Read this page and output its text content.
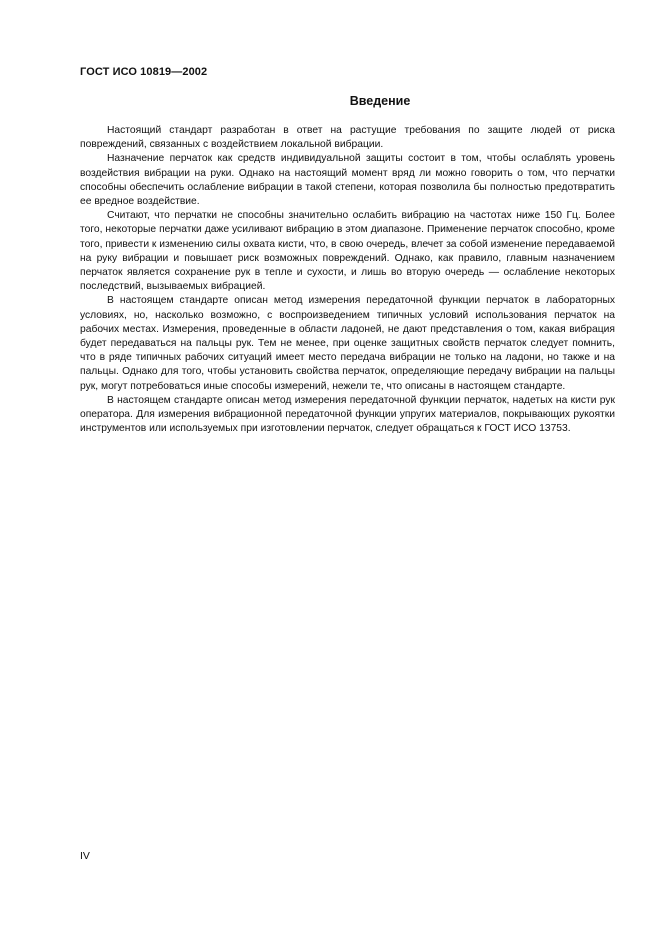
ГОСТ ИСО 10819—2002
Введение

Настоящий стандарт разработан в ответ на растущие требования по защите людей от риска повреждений, связанных с воздействием локальной вибрации.

Назначение перчаток как средств индивидуальной защиты состоит в том, чтобы ослаблять уровень воздействия вибрации на руки. Однако на настоящий момент вряд ли можно говорить о том, что перчатки способны обеспечить ослабление вибрации в такой степени, которая позволила бы полностью предотвратить ее вредное воздействие.

Считают, что перчатки не способны значительно ослабить вибрацию на частотах ниже 150 Гц. Более того, некоторые перчатки даже усиливают вибрацию в этом диапазоне. Применение перчаток способно, кроме того, привести к изменению силы охвата кисти, что, в свою очередь, влечет за собой изменение передаваемой на руку вибрации и повышает риск возможных повреждений. Однако, как правило, главным назначением перчаток является сохранение рук в тепле и сухости, и лишь во вторую очередь — ослабление некоторых последствий, вызываемых вибрацией.

В настоящем стандарте описан метод измерения передаточной функции перчаток в лабораторных условиях, но, насколько возможно, с воспроизведением типичных условий использования перчаток на рабочих местах. Измерения, проведенные в области ладоней, не дают представления о том, какая вибрация будет передаваться на пальцы рук. Тем не менее, при оценке защитных свойств перчаток следует помнить, что в ряде типичных рабочих ситуаций имеет место передача вибрации не только на ладони, но также и на пальцы. Однако для того, чтобы установить свойства перчаток, определяющие передачу вибрации на пальцы рук, могут потребоваться иные способы измерений, нежели те, что описаны в настоящем стандарте.

В настоящем стандарте описан метод измерения передаточной функции перчаток, надетых на кисти рук оператора. Для измерения вибрационной передаточной функции упругих материалов, покрывающих рукоятки инструментов или используемых при изготовлении перчаток, следует обращаться к ГОСТ ИСО 13753.

IV
